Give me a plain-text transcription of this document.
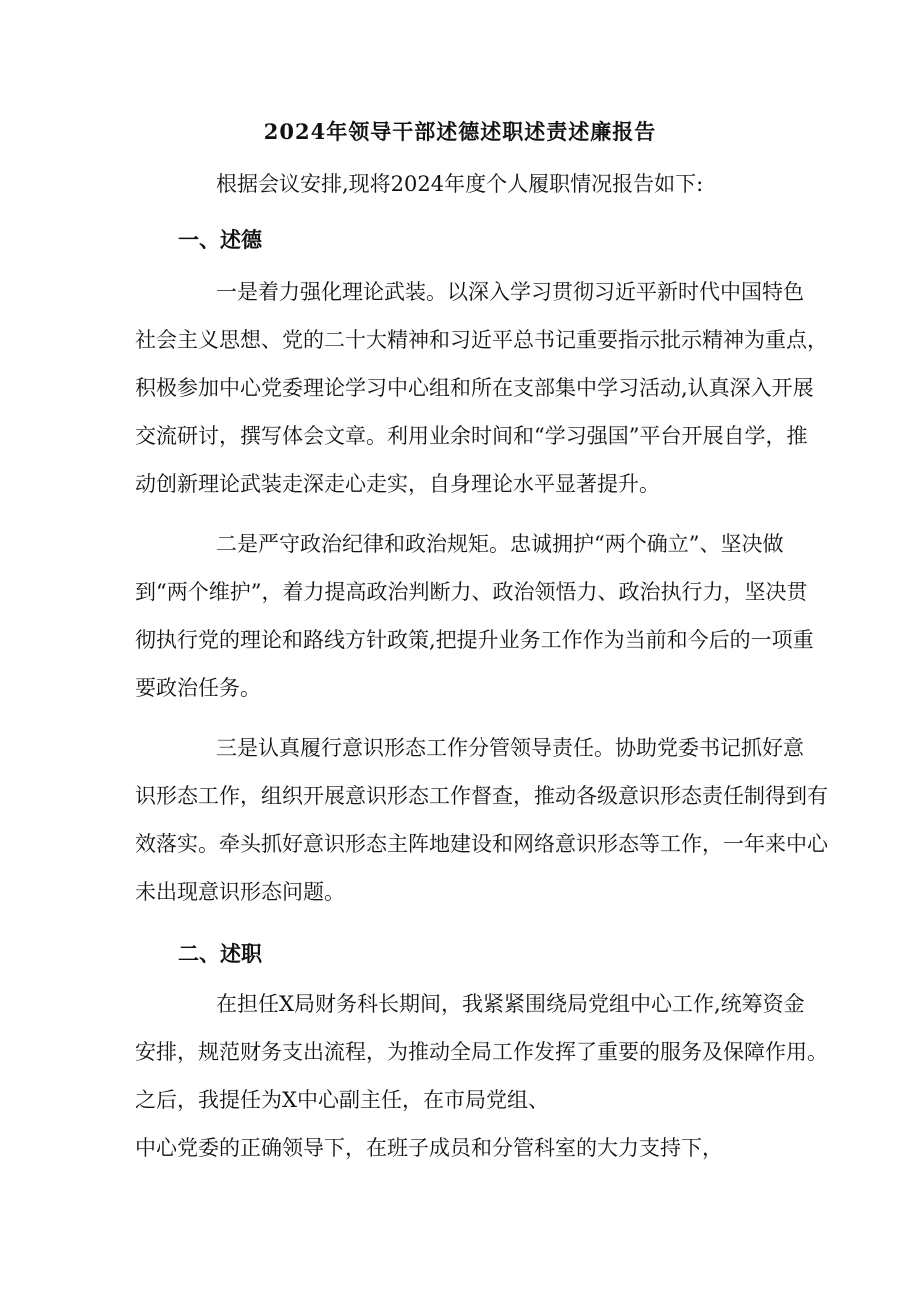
2024年领导干部述德述职述责述廉报告
根据会议安排,现将2024年度个人履职情况报告如下:
一、述德
一是着力强化理论武装。以深入学习贯彻习近平新时代中国特色
社会主义思想、党的二十大精神和习近平总书记重要指示批示精神为重点，
积极参加中心党委理论学习中心组和所在支部集中学习活动,认真深入开展
交流研讨，撰写体会文章。利用业余时间和“学习强国”平台开展自学，推
动创新理论武装走深走心走实，自身理论水平显著提升。
二是严守政治纪律和政治规矩。忠诚拥护“两个确立”、坚决做
到“两个维护”，着力提高政治判断力、政治领悟力、政治执行力，坚决贯
彻执行党的理论和路线方针政策,把提升业务工作作为当前和今后的一项重
要政治任务。
三是认真履行意识形态工作分管领导责任。协助党委书记抓好意
识形态工作，组织开展意识形态工作督查，推动各级意识形态责任制得到有
效落实。牵头抓好意识形态主阵地建设和网络意识形态等工作，一年来中心
未出现意识形态问题。
二、述职
在担任X局财务科长期间，我紧紧围绕局党组中心工作,统筹资金
安排，规范财务支出流程，为推动全局工作发挥了重要的服务及保障作用。
之后，我提任为X中心副主任，在市局党组、
中心党委的正确领导下，在班子成员和分管科室的大力支持下，
